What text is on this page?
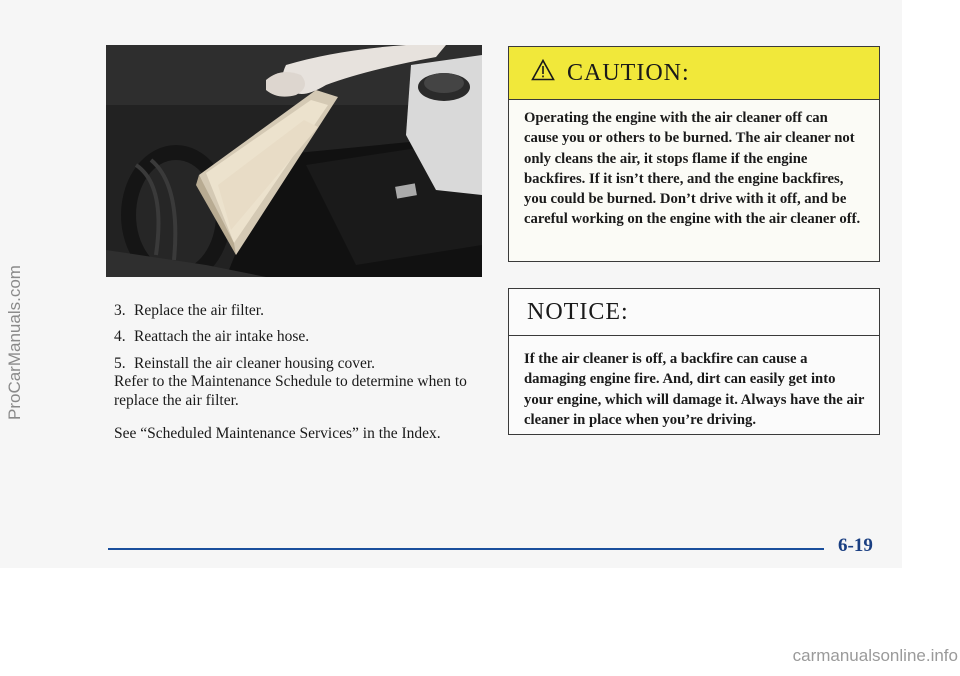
3. Replace the air filter.
4. Reattach the air intake hose.
5. Reinstall the air cleaner housing cover.
Refer to the Maintenance Schedule to determine when to replace the air filter.
See “Scheduled Maintenance Services” in the Index.
CAUTION:
Operating the engine with the air cleaner off can cause you or others to be burned. The air cleaner not only cleans the air, it stops flame if the engine backfires. If it isn’t there, and the engine backfires, you could be burned. Don’t drive with it off, and be careful working on the engine with the air cleaner off.
NOTICE:
If the air cleaner is off, a backfire can cause a damaging engine fire. And, dirt can easily get into your engine, which will damage it. Always have the air cleaner in place when you’re driving.
6-19
ProCarManuals.com
carmanualsonline.info
